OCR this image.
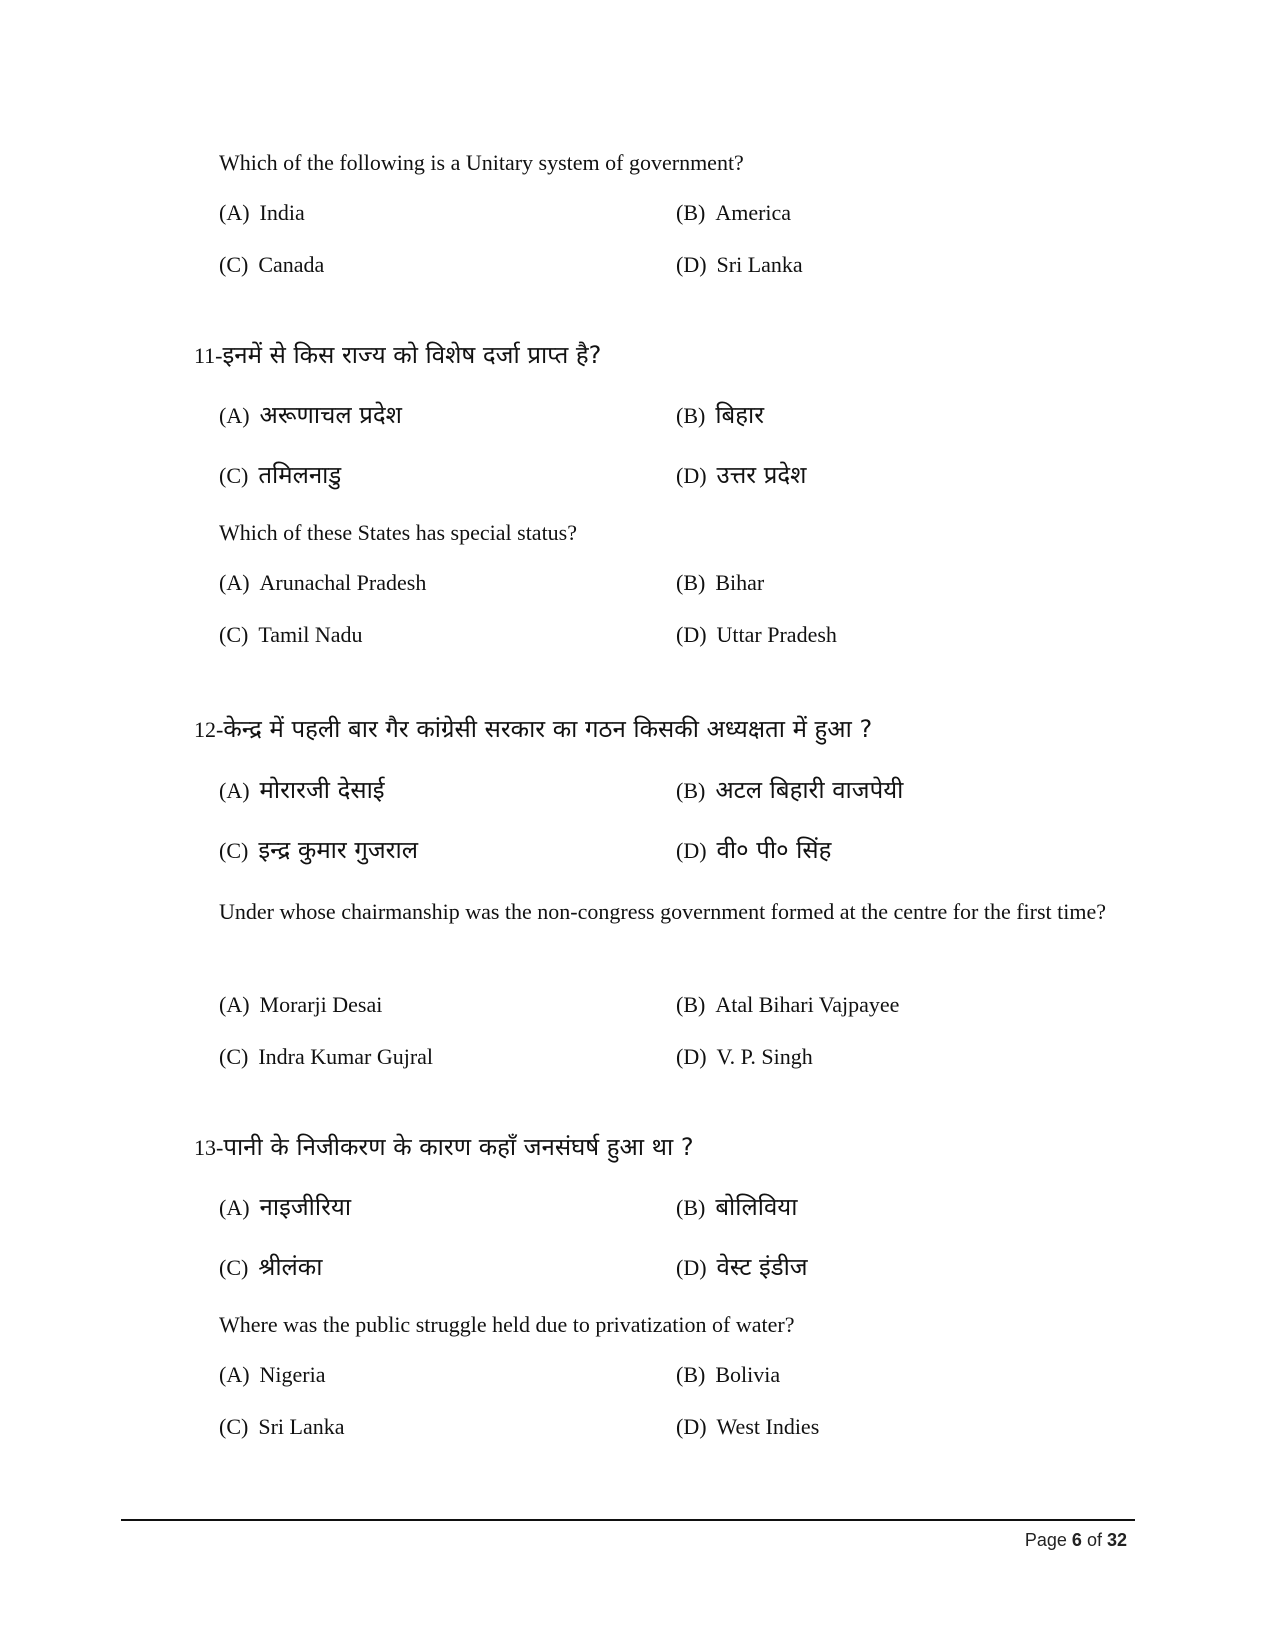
Which of the following is a Unitary system of government?
(A) India	(B) America
(C) Canada	(D) Sri Lanka
11-इनमें से किस राज्य को विशेष दर्जा प्राप्त है?
(A) अरूणाचल प्रदेश	(B) बिहार
(C) तमिलनाडु	(D) उत्तर प्रदेश
Which of these States has special status?
(A) Arunachal Pradesh	(B) Bihar
(C) Tamil Nadu	(D) Uttar Pradesh
12-केन्द्र में पहली बार गैर कांग्रेसी सरकार का गठन किसकी अध्यक्षता में हुआ ?
(A) मोरारजी देसाई	(B) अटल बिहारी वाजपेयी
(C) इन्द्र कुमार गुजराल	(D) वी० पी० सिंह
Under whose chairmanship was the non-congress government formed at the centre for the first time?
(A) Morarji Desai	(B) Atal Bihari Vajpayee
(C) Indra Kumar Gujral	(D) V. P. Singh
13-पानी के निजीकरण के कारण कहाँ जनसंघर्ष हुआ था ?
(A) नाइजीरिया	(B) बोलिविया
(C) श्रीलंका	(D) वेस्ट इंडीज
Where was the public struggle held due to privatization of water?
(A) Nigeria	(B) Bolivia
(C) Sri Lanka	(D) West Indies
Page 6 of 32
